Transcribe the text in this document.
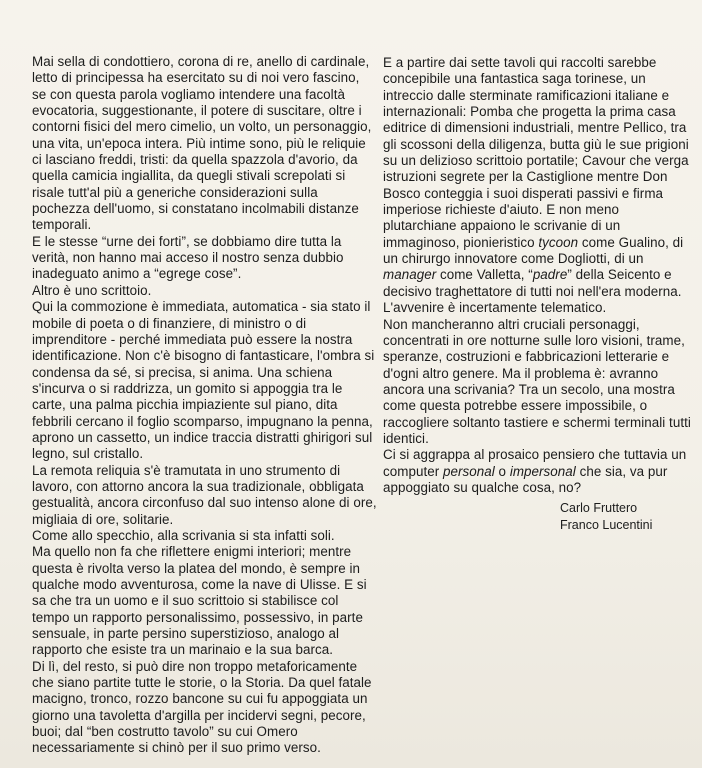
Mai sella di condottiero, corona di re, anello di cardinale, letto di principessa ha esercitato su di noi vero fascino, se con questa parola vogliamo intendere una facoltà evocatoria, suggestionante, il potere di suscitare, oltre i contorni fisici del mero cimelio, un volto, un personaggio, una vita, un'epoca intera. Più intime sono, più le reliquie ci lasciano freddi, tristi: da quella spazzola d'avorio, da quella camicia ingiallita, da quegli stivali screpolati si risale tutt'al più a generiche considerazioni sulla pochezza dell'uomo, si constatano incolmabili distanze temporali.

E le stesse “urne dei forti”, se dobbiamo dire tutta la verità, non hanno mai acceso il nostro senza dubbio inadeguato animo a “egrege cose”.

Altro è uno scrittoio.

Qui la commozione è immediata, automatica - sia stato il mobile di poeta o di finanziere, di ministro o di imprenditore - perché immediata può essere la nostra identificazione. Non c'è bisogno di fantasticare, l'ombra si condensa da sé, si precisa, si anima. Una schiena s'incurva o si raddrizza, un gomito si appoggia tra le carte, una palma picchia impiaziente sul piano, dita febbrili cercano il foglio scomparso, impugnano la penna, aprono un cassetto, un indice traccia distratti ghirigori sul legno, sul cristallo.

La remota reliquia s'è tramutata in uno strumento di lavoro, con attorno ancora la sua tradizionale, obbligata gestualità, ancora circonfuso dal suo intenso alone di ore, migliaia di ore, solitarie.

Come allo specchio, alla scrivania si sta infatti soli.

Ma quello non fa che riflettere enigmi interiori; mentre questa è rivolta verso la platea del mondo, è sempre in qualche modo avventurosa, come la nave di Ulisse. E si sa che tra un uomo e il suo scrittoio si stabilisce col tempo un rapporto personalissimo, possessivo, in parte sensuale, in parte persino superstizioso, analogo al rapporto che esiste tra un marinaio e la sua barca.

Di lì, del resto, si può dire non troppo metaforicamente che siano partite tutte le storie, o la Storia. Da quel fatale macigno, tronco, rozzo bancone su cui fu appoggiata un giorno una tavoletta d'argilla per incidervi segni, pecore, buoi; dal “ben costrutto tavolo” su cui Omero necessariamente si chinò per il suo primo verso.

E a partire dai sette tavoli qui raccolti sarebbe concepibile una fantastica saga torinese, un intreccio dalle sterminate ramificazioni italiane e internazionali: Pomba che progetta la prima casa editrice di dimensioni industriali, mentre Pellico, tra gli scossoni della diligenza, butta giù le sue prigioni su un delizioso scrittoio portatile; Cavour che verga istruzioni segrete per la Castiglione mentre Don Bosco conteggia i suoi disperati passivi e firma imperiose richieste d'aiuto. E non meno plutarchiane appaiono le scrivanie di un immaginoso, pionieristico tycoon come Gualino, di un chirurgo innovatore come Dogliotti, di un manager come Valletta, “padre” della Seicento e decisivo traghettatore di tutti noi nell'era moderna.

L'avvenire è incertamente telematico.

Non mancheranno altri cruciali personaggi, concentrati in ore notturne sulle loro visioni, trame, speranze, costruzioni e fabbricazioni letterarie e d'ogni altro genere. Ma il problema è: avranno ancora una scrivania? Tra un secolo, una mostra come questa potrebbe essere impossibile, o raccogliere soltanto tastiere e schermi terminali tutti identici.

Ci si aggrappa al prosaico pensiero che tuttavia un computer personal o impersonal che sia, va pur appoggiato su qualche cosa, no?

Carlo Fruttero
Franco Lucentini
